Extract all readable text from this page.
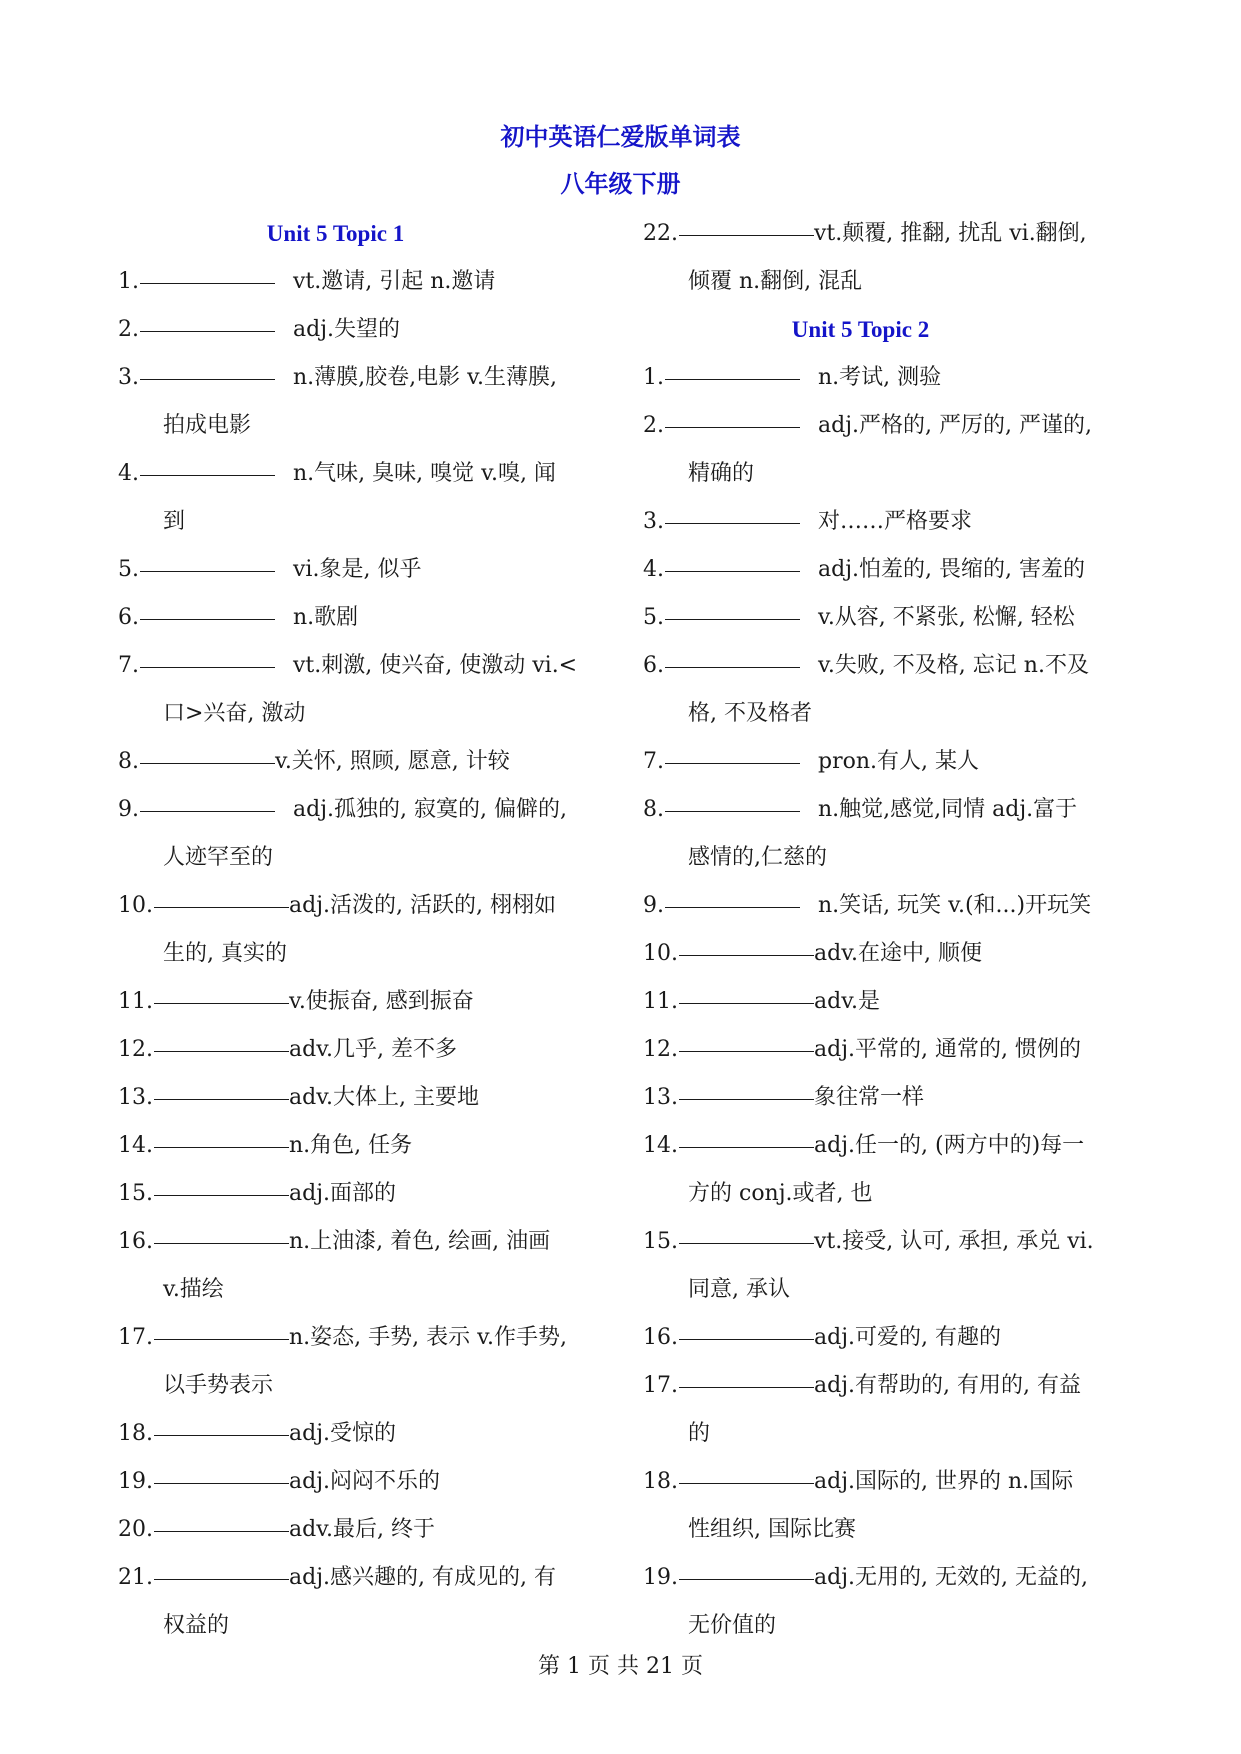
初中英语仁爱版单词表
八年级下册
Unit 5 Topic 1
1.	vt.邀请, 引起 n.邀请
2.	adj.失望的
3.	n.薄膜,胶卷,电影 v.生薄膜,
拍成电影
4.	n.气味, 臭味, 嗅觉 v.嗅, 闻
到
5.	vi.象是, 似乎
6.	n.歌剧
7.	vt.刺激, 使兴奋, 使激动 vi.<
口>兴奋, 激动
8.	v.关怀, 照顾, 愿意, 计较
9.	adj.孤独的, 寂寞的, 偏僻的,
人迹罕至的
10.	adj.活泼的, 活跃的, 栩栩如
生的, 真实的
11.	v.使振奋, 感到振奋
12.	adv.几乎, 差不多
13.	adv.大体上, 主要地
14.	n.角色, 任务
15.	adj.面部的
16.	n.上油漆, 着色, 绘画, 油画
v.描绘
17.	n.姿态, 手势, 表示 v.作手势,
以手势表示
18.	adj.受惊的
19.	adj.闷闷不乐的
20.	adv.最后, 终于
21.	adj.感兴趣的, 有成见的, 有
权益的
22.	vt.颠覆, 推翻, 扰乱 vi.翻倒,
倾覆 n.翻倒, 混乱
Unit 5 Topic 2
1.	n.考试, 测验
2.	adj.严格的, 严厉的, 严谨的,
精确的
3.	对……严格要求
4.	adj.怕羞的, 畏缩的, 害羞的
5.	v.从容, 不紧张, 松懈, 轻松
6.	v.失败, 不及格, 忘记 n.不及
格, 不及格者
7.	pron.有人, 某人
8.	n.触觉,感觉,同情 adj.富于
感情的,仁慈的
9.	n.笑话, 玩笑 v.(和...)开玩笑
10.	adv.在途中, 顺便
11.	adv.是
12.	adj.平常的, 通常的, 惯例的
13.	象往常一样
14.	adj.任一的, (两方中的)每一
方的 conj.或者, 也
15.	vt.接受, 认可, 承担, 承兑 vi.
同意, 承认
16.	adj.可爱的, 有趣的
17.	adj.有帮助的, 有用的, 有益
的
18.	adj.国际的, 世界的 n.国际
性组织, 国际比赛
19.	adj.无用的, 无效的, 无益的,
无价值的
第 1 页 共 21 页
